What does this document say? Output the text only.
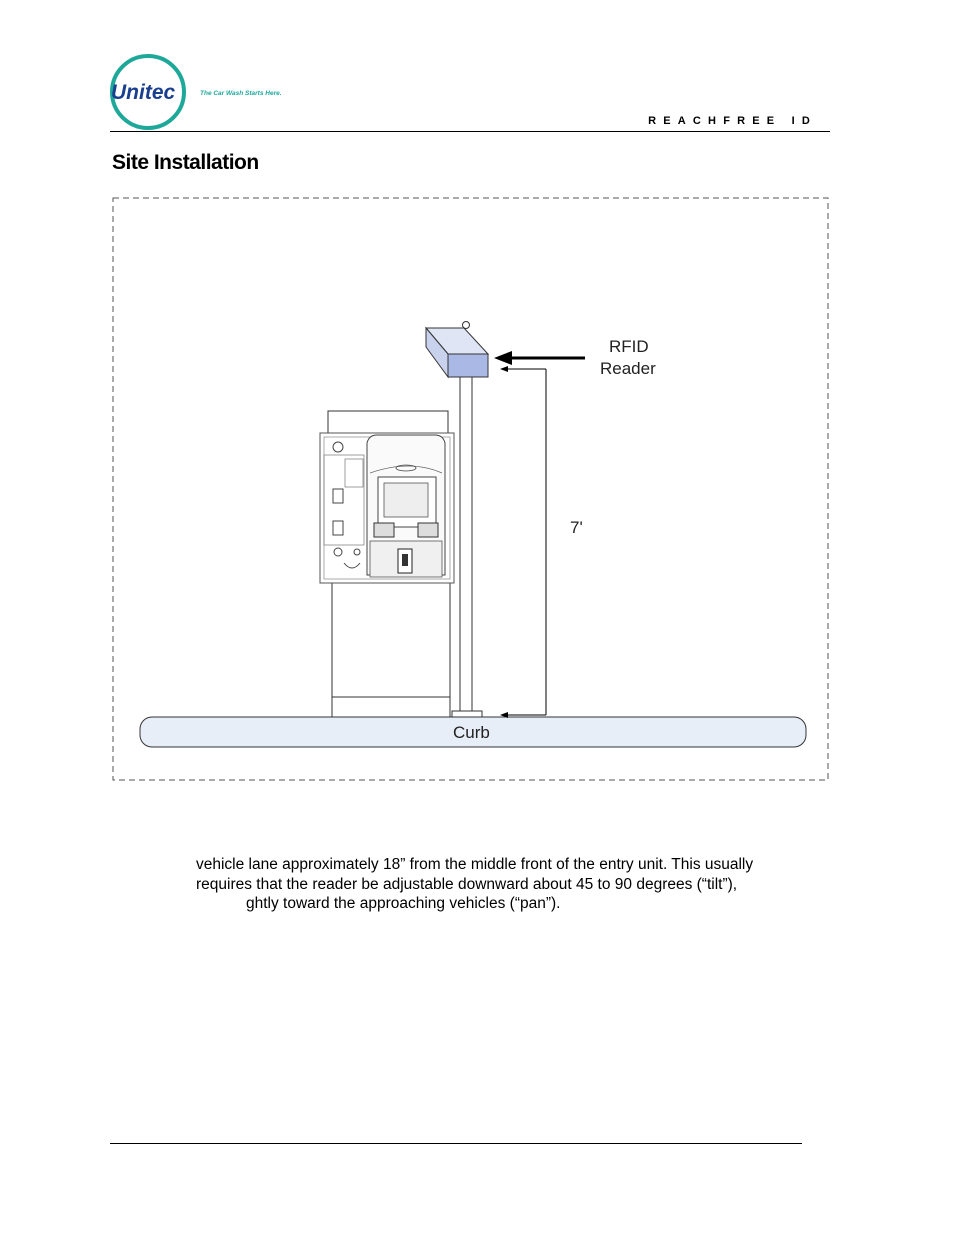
Unitec	The Car Wash Starts Here.
REACHFREE ID
Site Installation
Curb
RFID
Reader
7'
vehicle lane approximately 18” from the middle front of the entry unit. This usually
requires that the reader be adjustable downward about 45 to 90 degrees (“tilt”),
ghtly toward the approaching vehicles (“pan”).
